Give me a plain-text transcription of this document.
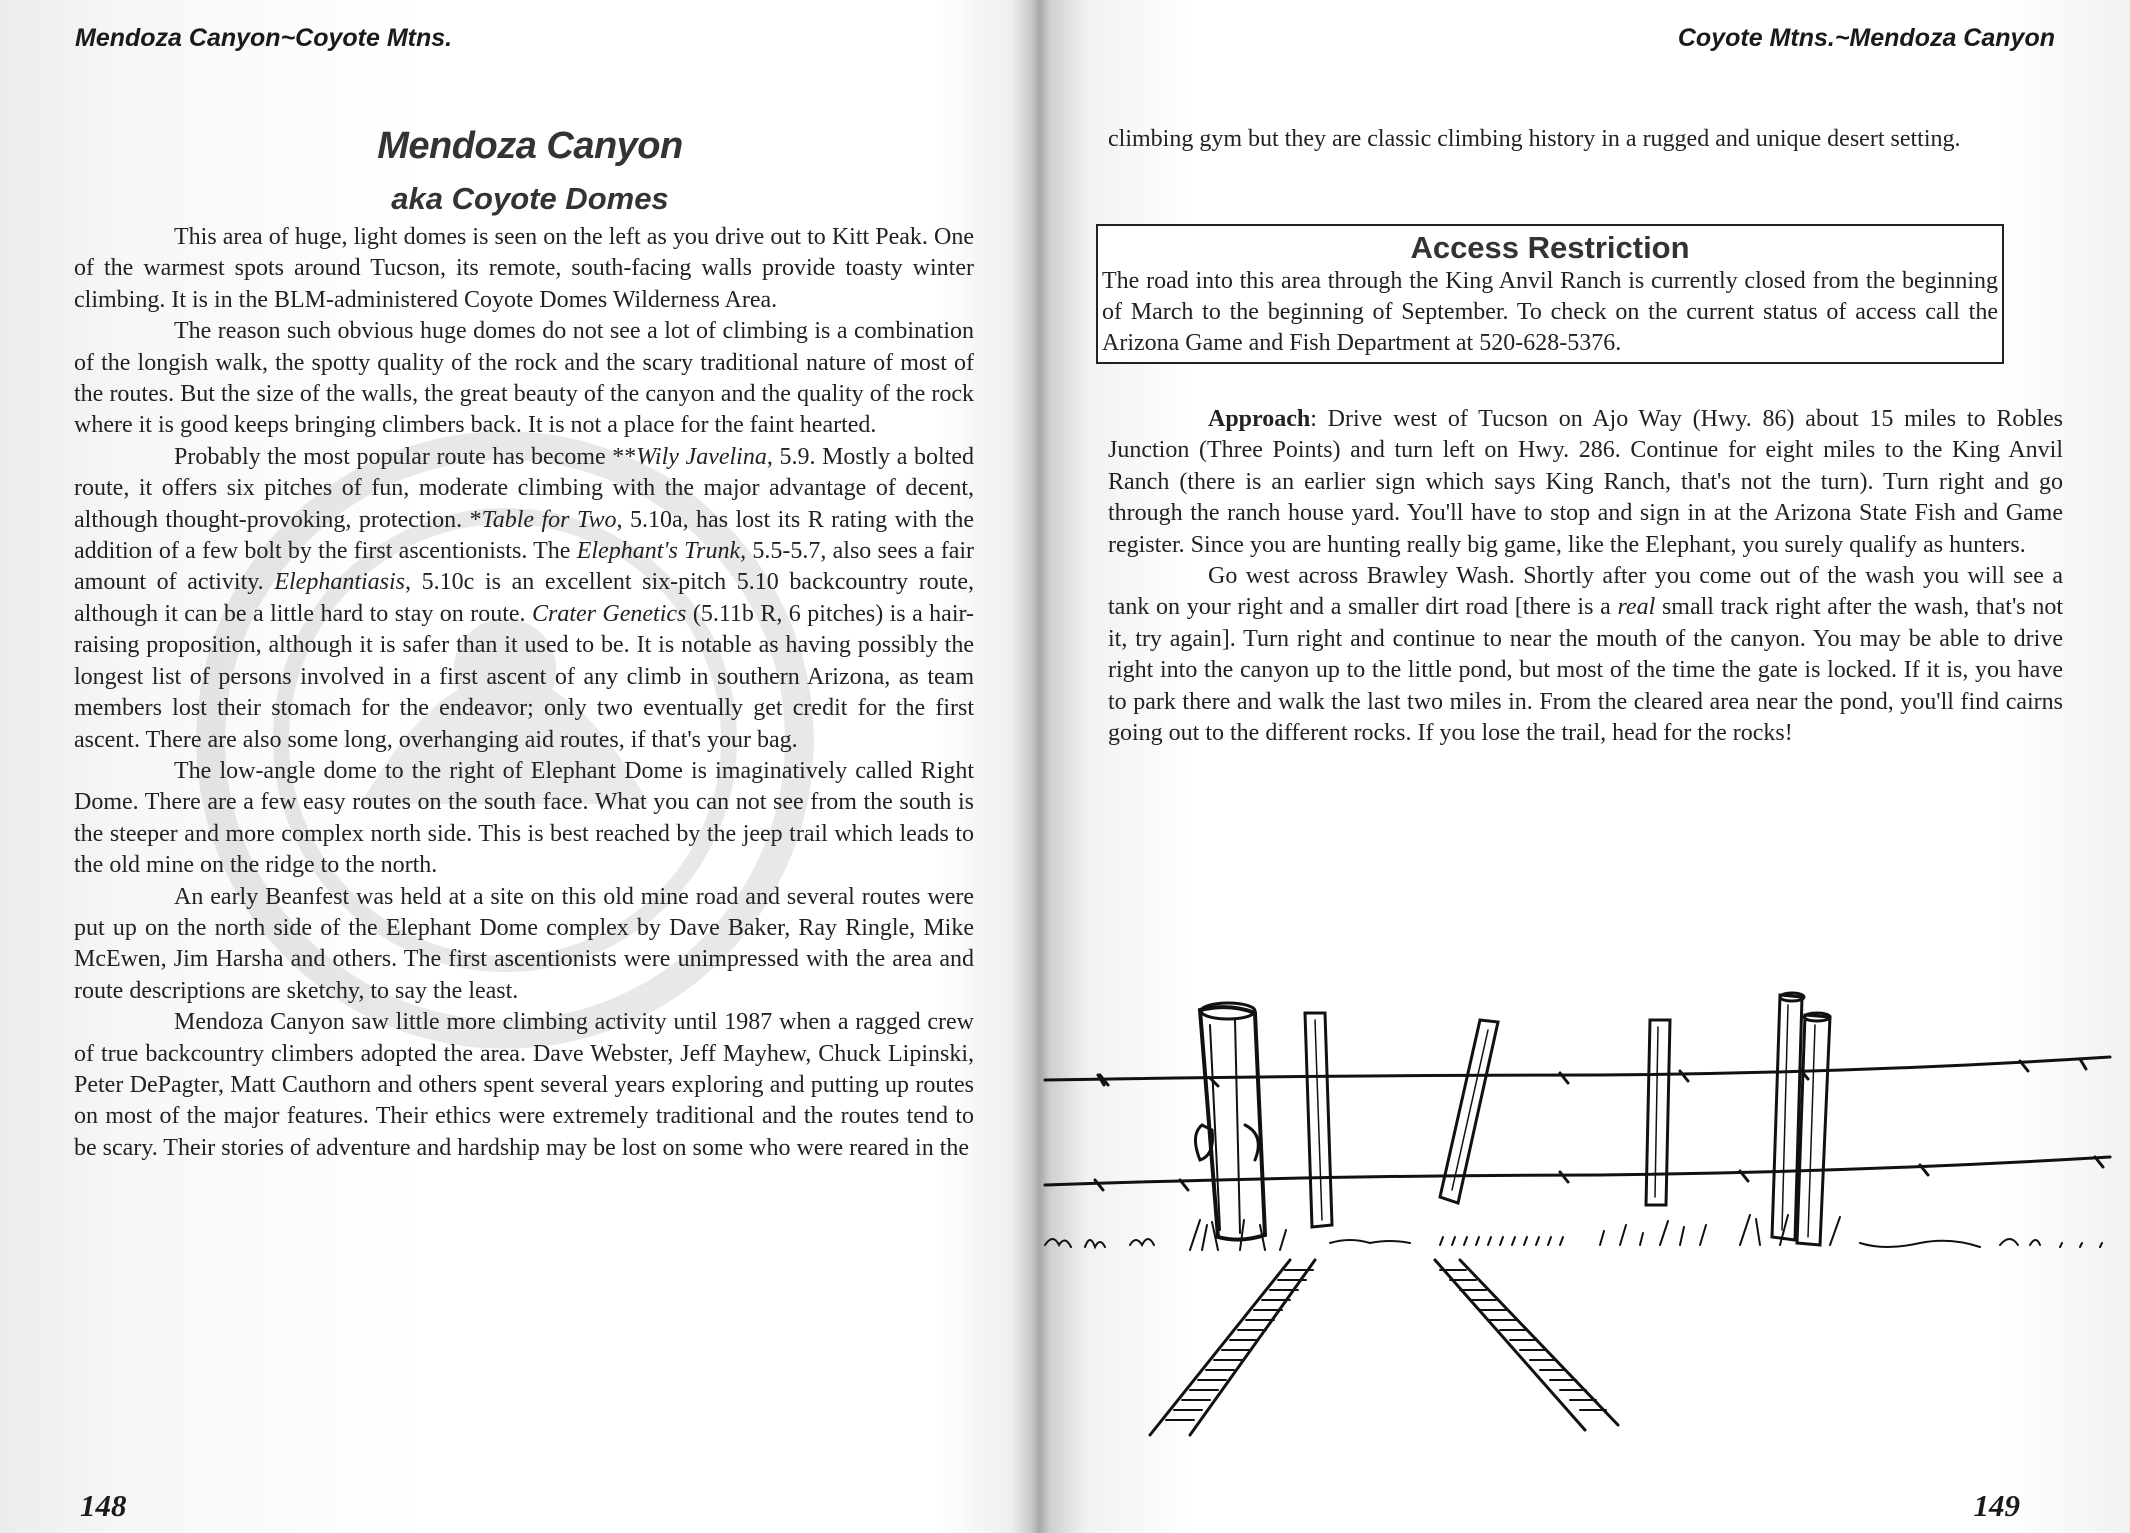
Mendoza Canyon~Coyote Mtns.
Mendoza Canyon
aka Coyote Domes

This area of huge, light domes is seen on the left as you drive out to Kitt Peak. One of the warmest spots around Tucson, its remote, south-facing walls provide toasty winter climbing. It is in the BLM-administered Coyote Domes Wilderness Area.

The reason such obvious huge domes do not see a lot of climbing is a combination of the longish walk, the spotty quality of the rock and the scary traditional nature of most of the routes. But the size of the walls, the great beauty of the canyon and the quality of the rock where it is good keeps bringing climbers back. It is not a place for the faint hearted.

Probably the most popular route has become **Wily Javelina, 5.9. Mostly a bolted route, it offers six pitches of fun, moderate climbing with the major advantage of decent, although thought-provoking, protection. *Table for Two, 5.10a, has lost its R rating with the addition of a few bolt by the first ascentionists. The Elephant's Trunk, 5.5-5.7, also sees a fair amount of activity. Elephantiasis, 5.10c is an excellent six-pitch 5.10 backcountry route, although it can be a little hard to stay on route. Crater Genetics (5.11b R, 6 pitches) is a hair-raising proposition, although it is safer than it used to be. It is notable as having possibly the longest list of persons involved in a first ascent of any climb in southern Arizona, as team members lost their stomach for the endeavor; only two eventually get credit for the first ascent. There are also some long, overhanging aid routes, if that's your bag.

The low-angle dome to the right of Elephant Dome is imaginatively called Right Dome. There are a few easy routes on the south face. What you can not see from the south is the steeper and more complex north side. This is best reached by the jeep trail which leads to the old mine on the ridge to the north.

An early Beanfest was held at a site on this old mine road and several routes were put up on the north side of the Elephant Dome complex by Dave Baker, Ray Ringle, Mike McEwen, Jim Harsha and others. The first ascentionists were unimpressed with the area and route descriptions are sketchy, to say the least.

Mendoza Canyon saw little more climbing activity until 1987 when a ragged crew of true backcountry climbers adopted the area. Dave Webster, Jeff Mayhew, Chuck Lipinski, Peter DePagter, Matt Cauthorn and others spent several years exploring and putting up routes on most of the major features. Their ethics were extremely traditional and the routes tend to be scary. Their stories of adventure and hardship may be lost on some who were reared in the

148
Coyote Mtns.~Mendoza Canyon

climbing gym but they are classic climbing history in a rugged and unique desert setting.

Access Restriction
The road into this area through the King Anvil Ranch is currently closed from the beginning of March to the beginning of September. To check on the current status of access call the Arizona Game and Fish Department at 520-628-5376.

Approach: Drive west of Tucson on Ajo Way (Hwy. 86) about 15 miles to Robles Junction (Three Points) and turn left on Hwy. 286. Continue for eight miles to the King Anvil Ranch (there is an earlier sign which says King Ranch, that's not the turn). Turn right and go through the ranch house yard. You'll have to stop and sign in at the Arizona State Fish and Game register. Since you are hunting really big game, like the Elephant, you surely qualify as hunters.

Go west across Brawley Wash. Shortly after you come out of the wash you will see a tank on your right and a smaller dirt road [there is a real small track right after the wash, that's not it, try again]. Turn right and continue to near the mouth of the canyon. You may be able to drive right into the canyon up to the little pond, but most of the time the gate is locked. If it is, you have to park there and walk the last two miles in. From the cleared area near the pond, you'll find cairns going out to the different rocks. If you lose the trail, head for the rocks!

149
